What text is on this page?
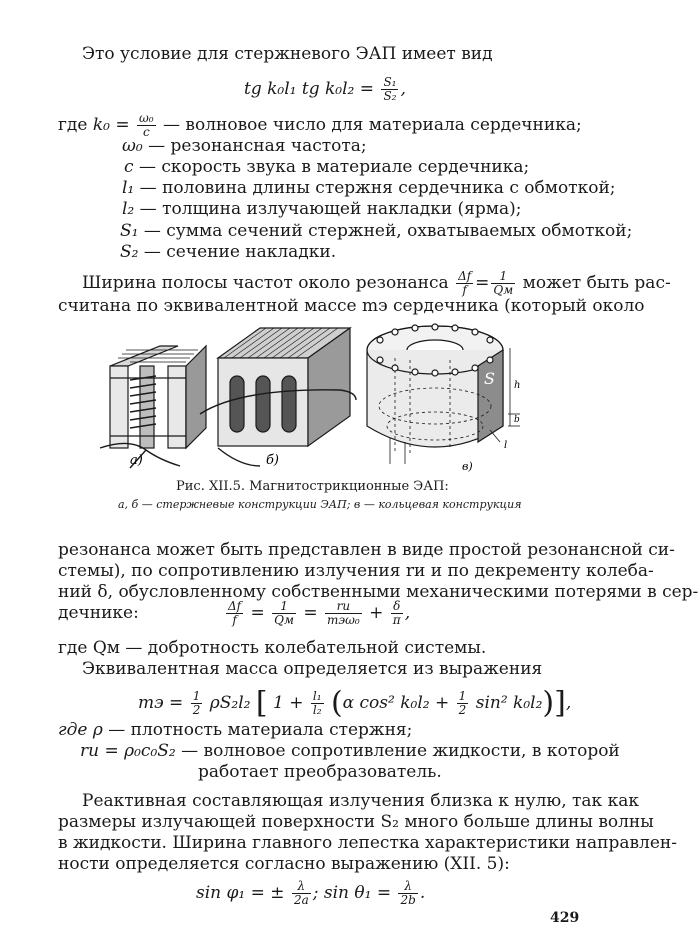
Это условие для стержневого ЭАП имеет вид
tg k₀l₁ tg $k_0l_2 = \frac{\text{S₁}}{\text{S₂}}$ ,
где $k_0 = \frac{\text{ω₀}}{c}$ — волновое число для материала сердечника;
ω₀ — резонансная частота;
c — скорость звука в материале сердечника;
l₁ — половина длины стержня сердечника с обмоткой;
l₂ — толщина излучающей накладки (ярма);
S₁ — сумма сечений стержней, охватываемых обмоткой;
S₂ — сечение накладки.
Ширина полосы частот около резонанса $\frac{\Delta f}{f} = \frac{1}{Qм}$ может быть рас-
считана по эквивалентной массе mэ сердечника (который около
а)	б)	в)
h
b
l
S
Рис. XII.5. Магнитострикционные ЭАП:
а, б — стержневые конструкции ЭАП; в — кольцевая конструкция
резонанса может быть представлен в виде простой резонансной си-
стемы), по сопротивлению излучения rи и по декременту колеба-
ний δ, обусловленному собственными механическими потерями в сер-
дечнике:	$\frac{\Delta f}{f} = \frac{1}{Qм} = \frac{rи}{\text{mэω₀}} + \frac{\delta}{\pi}$ ,
где Qм — добротность колебательной системы.
Эквивалентная масса определяется из выражения
mэ = $\frac{1}{2} \rho S_2l_2$ [ $1 + \frac{\text{l₁}}{\text{l₂}} (\alpha$ cos² $k_0l_2 + \frac{1}{2} \sin^2$ k₀l₂)],
где ρ — плотность материала стержня;
rи = ρ₀c₀S₂ — волновое сопротивление жидкости, в которой
работает преобразователь.
Реактивная составляющая излучения близка к нулю, так как
размеры излучающей поверхности S₂ много больше длины волны
в жидкости. Ширина главного лепестка характеристики направлен-
ности определяется согласно выражению (XII. 5):
sin φ₁ = ± $\frac{\lambda}{2a}$ ; $\sin \theta_1 = \frac{\lambda}{2b}$ .
429
